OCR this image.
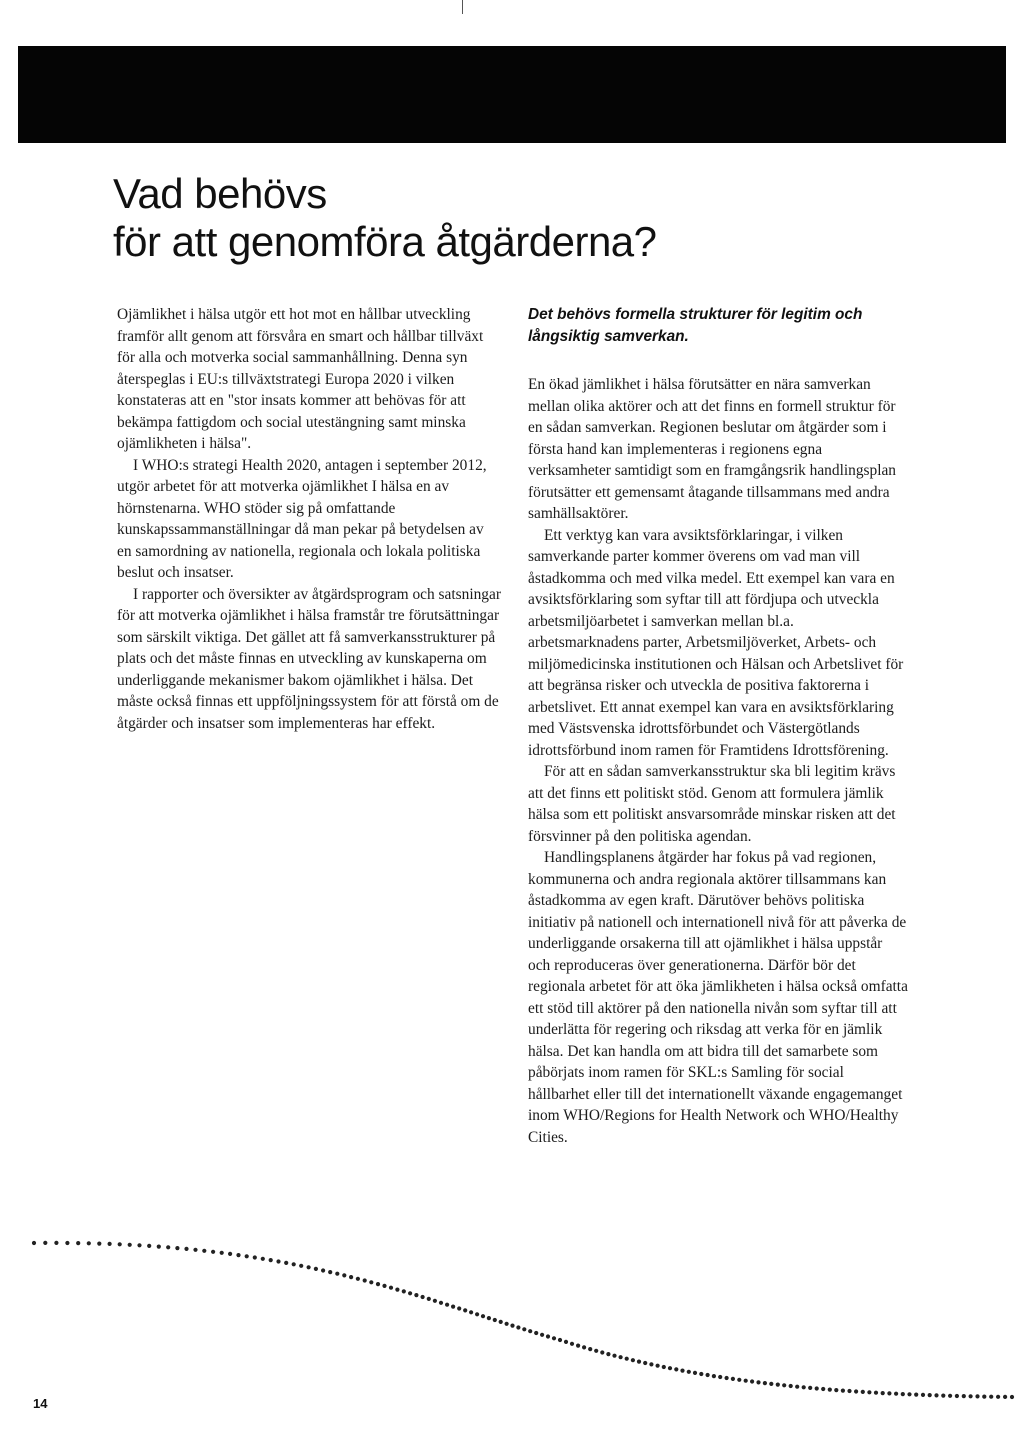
Vad behövs
för att genomföra åtgärderna?

Ojämlikhet i hälsa utgör ett hot mot en hållbar utveckling framför allt genom att försvåra en smart och hållbar tillväxt för alla och motverka social sammanhållning. Denna syn återspeglas i EU:s tillväxtstrategi Europa 2020 i vilken konstateras att en "stor insats kommer att behövas för att bekämpa fattigdom och social utestängning samt minska ojämlikheten i hälsa".

I WHO:s strategi Health 2020, antagen i september 2012, utgör arbetet för att motverka ojämlikhet I hälsa en av hörnstenarna. WHO stöder sig på omfattande kunskapssammanställningar då man pekar på betydelsen av en samordning av nationella, regionala och lokala politiska beslut och insatser.

I rapporter och översikter av åtgärdsprogram och satsningar för att motverka ojämlikhet i hälsa framstår tre förutsättningar som särskilt viktiga. Det gället att få samverkansstrukturer på plats och det måste finnas en utveckling av kunskaperna om underliggande mekanismer bakom ojämlikhet i hälsa. Det måste också finnas ett uppföljningssystem för att förstå om de åtgärder och insatser som implementeras har effekt.

Det behövs formella strukturer för legitim och långsiktig samverkan.

En ökad jämlikhet i hälsa förutsätter en nära samverkan mellan olika aktörer och att det finns en formell struktur för en sådan samverkan. Regionen beslutar om åtgärder som i första hand kan implementeras i regionens egna verksamheter samtidigt som en framgångsrik handlingsplan förutsätter ett gemensamt åtagande tillsammans med andra samhällsaktörer.

Ett verktyg kan vara avsiktsförklaringar, i vilken samverkande parter kommer överens om vad man vill åstadkomma och med vilka medel. Ett exempel kan vara en avsiktsförklaring som syftar till att fördjupa och utveckla arbetsmiljöarbetet i samverkan mellan bl.a. arbetsmarknadens parter, Arbetsmiljöverket, Arbets- och miljömedicinska institutionen och Hälsan och Arbetslivet för att begränsa risker och utveckla de positiva faktorerna i arbetslivet. Ett annat exempel kan vara en avsiktsförklaring med Västsvenska idrottsförbundet och Västergötlands idrottsförbund inom ramen för Framtidens Idrottsförening.

För att en sådan samverkansstruktur ska bli legitim krävs att det finns ett politiskt stöd. Genom att formulera jämlik hälsa som ett politiskt ansvarsområde minskar risken att det försvinner på den politiska agendan.

Handlingsplanens åtgärder har fokus på vad regionen, kommunerna och andra regionala aktörer tillsammans kan åstadkomma av egen kraft. Därutöver behövs politiska initiativ på nationell och internationell nivå för att påverka de underliggande orsakerna till att ojämlikhet i hälsa uppstår och reproduceras över generationerna. Därför bör det regionala arbetet för att öka jämlikheten i hälsa också omfatta ett stöd till aktörer på den nationella nivån som syftar till att underlätta för regering och riksdag att verka för en jämlik hälsa. Det kan handla om att bidra till det samarbete som påbörjats inom ramen för SKL:s Samling för social hållbarhet eller till det internationellt växande engagemanget inom WHO/Regions for Health Network och WHO/Healthy Cities.

14
